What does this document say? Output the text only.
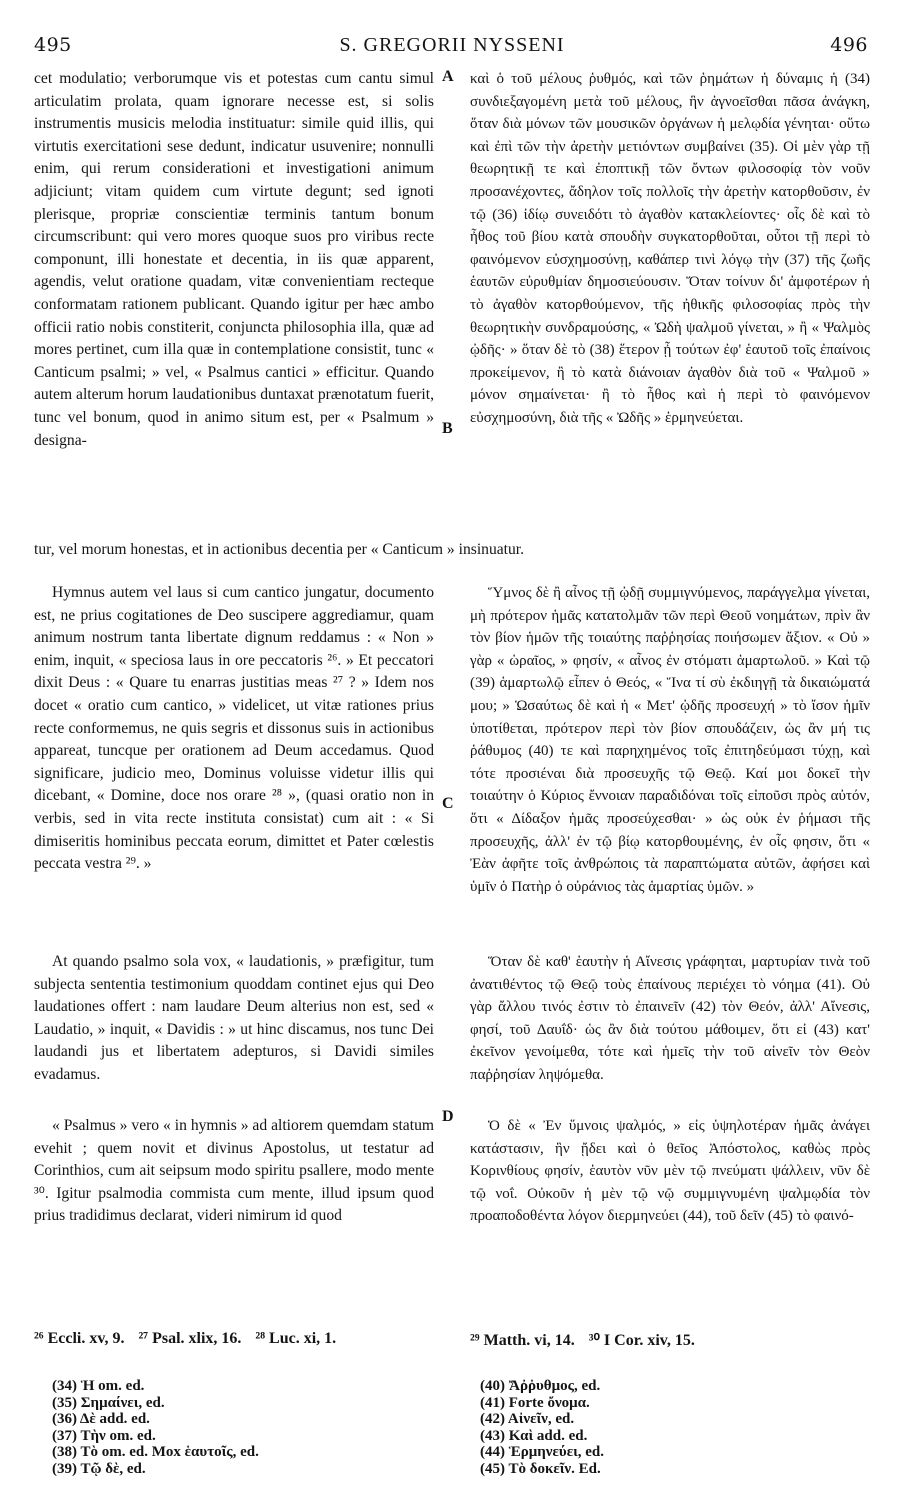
495	S. GREGORII NYSSENI	496

cet modulatio; verborumque vis et potestas cum cantu simul articulatim prolata, quam ignorare necesse est, si solis instrumentis musicis melodia instituatur: simile quid illis, qui virtutis exercitationi sese dedunt, indicatur usuvenire; nonnulli enim, qui rerum considerationi et investigationi animum adjiciunt; vitam quidem cum virtute degunt; sed ignoti plerisque, propriæ conscientiæ terminis tantum bonum circumscribunt: qui vero mores quoque suos pro viribus recte componunt, illi honestate et decentia, in iis quæ apparent, agendis, velut oratione quadam, vitæ convenientiam recteque conformatam rationem publicant. Quando igitur per hæc ambo officii ratio nobis constiterit, conjuncta philosophia illa, quæ ad mores pertinet, cum illa quæ in contemplatione consistit, tunc « Canticum psalmi; » vel, « Psalmus cantici » efficitur. Quando autem alterum horum laudationibus duntaxat prænotatum fuerit, tunc vel bonum, quod in animo situm est, per « Psalmum » designa-

A καὶ ὁ τοῦ μέλους ῥυθμός, καὶ τῶν ῥημάτων ἡ δύναμις ἡ (34) συνδιεξαγομένη μετὰ τοῦ μέλους, ἣν ἀγνοεῖσθαι πᾶσα ἀνάγκη, ὅταν διὰ μόνων τῶν μουσικῶν ὀργάνων ἡ μελῳδία γένηται· οὕτω καὶ ἐπὶ τῶν τὴν ἀρετὴν μετιόντων συμβαίνει (35). Οἱ μὲν γὰρ τῇ θεωρητικῇ τε καὶ ἐποπτικῇ τῶν ὄντων φιλοσοφίᾳ τὸν νοῦν προσανέχοντες, ἄδηλον τοῖς πολλοῖς τὴν ἀρετὴν κατορθοῦσιν, ἐν τῷ (36) ἰδίῳ συνειδότι τὸ ἀγαθὸν κατακλείοντες· οἷς δὲ καὶ τὸ ἦθος τοῦ βίου κατὰ σπουδὴν συγκατορθοῦται, οὗτοι τῇ περὶ τὸ φαινόμενον εὐσχημοσύνῃ, καθάπερ τινὶ λόγῳ τὴν (37) τῆς ζωῆς ἑαυτῶν εὐρυθμίαν δημοσιεύουσιν. Ὅταν τοίνυν δι' ἀμφοτέρων ἡ τὸ ἀγαθὸν κατορθούμενον, τῆς ἠθικῆς φιλοσοφίας πρὸς τὴν θεωρητικὴν συνδραμούσης, « Ὠδὴ ψαλμοῦ γίνεται, » ἢ « Ψαλμὸς ᾠδῆς· » ὅταν δὲ τὸ (38) ἕτερον ᾖ τούτων ἐφ' ἑαυτοῦ τοῖς ἐπαίνοις προκείμενον, ἢ τὸ κατὰ διάνοιαν ἀγαθὸν διὰ τοῦ « Ψαλμοῦ » μόνον σημαίνεται· ἢ τὸ ἦθος καὶ ἡ περὶ τὸ φαινόμενον εὐσχημοσύνη, διὰ τῆς « Ὠδῆς » ἑρμηνεύεται.

B
tur, vel morum honestas, et in actionibus decentia per « Canticum » insinuatur.

Hymnus autem vel laus si cum cantico jungatur, documento est, ne prius cogitationes de Deo suscipere aggrediamur, quam animum nostrum tanta libertate dignum reddamus : « Non » enim, inquit, « speciosa laus in ore peccatoris ²⁶. » Et peccatori dixit Deus : « Quare tu enarras justitias meas ²⁷ ? » Idem nos docet « oratio cum cantico, » videlicet, ut vitæ rationes prius recte conformemus, ne quis segris et dissonus suis in actionibus appareat, tuncque per orationem ad Deum accedamus. Quod significare, judicio meo, Dominus voluisse videtur illis qui dicebant, « Domine, doce nos orare ²⁸ », (quasi oratio non in verbis, sed in vita recte instituta consistat) cum ait : « Si dimiseritis hominibus peccata eorum, dimittet et Pater cœlestis peccata vestra ²⁹. »

Ὕμνος δὲ ἢ αἶνος τῇ ᾠδῇ συμμιγνύμενος, παράγγελμα γίνεται, μὴ πρότερον ἡμᾶς κατατολμᾶν τῶν περὶ Θεοῦ νοημάτων, πρὶν ἂν τὸν βίον ἡμῶν τῆς τοιαύτης παῤῥησίας ποιήσωμεν ἄξιον. « Οὐ » γὰρ « ὡραῖος, » φησίν, « αἶνος ἐν στόματι ἁμαρτωλοῦ. » Καὶ τῷ (39) ἁμαρτωλῷ εἶπεν ὁ Θεός, « Ἵνα τί σὺ ἐκδιηγῇ τὰ δικαιώματά μου; » Ὡσαύτως δὲ καὶ ἡ « Μετ' ᾠδῆς προσευχή » τὸ ἴσον ἡμῖν ὑποτίθεται, πρότερον περὶ τὸν βίον σπουδάζειν, ὡς ἂν μή τις ῥάθυμος (40) τε καὶ παρηχημένος τοῖς ἐπιτηδεύμασι τύχῃ, καὶ τότε προσιέναι διὰ προσευχῆς τῷ Θεῷ. Καί μοι δοκεῖ τὴν τοιαύτην ὁ Κύριος ἔννοιαν παραδιδόναι τοῖς εἰποῦσι πρὸς αὐτόν, ὅτι « Δίδαξον ἡμᾶς προσεύχεσθαι· » ὡς οὐκ ἐν ῥήμασι τῆς προσευχῆς, ἀλλ' ἐν τῷ βίῳ κατορθουμένης, ἐν οἷς φησιν, ὅτι « Ἐὰν ἀφῆτε τοῖς ἀνθρώποις τὰ παραπτώματα αὐτῶν, ἀφήσει καὶ ὑμῖν ὁ Πατὴρ ὁ οὐράνιος τὰς ἁμαρτίας ὑμῶν. »

C

At quando psalmo sola vox, « laudationis, » præfigitur, tum subjecta sententia testimonium quoddam continet ejus qui Deo laudationes offert : nam laudare Deum alterius non est, sed « Laudatio, » inquit, « Davidis : » ut hinc discamus, nos tunc Dei laudandi jus et libertatem adepturos, si Davidi similes evadamus.

Ὅταν δὲ καθ' ἑαυτὴν ἡ Αἴνεσις γράφηται, μαρτυρίαν τινὰ τοῦ ἀνατιθέντος τῷ Θεῷ τοὺς ἐπαίνους περιέχει τὸ νόημα (41). Οὐ γὰρ ἄλλου τινός ἐστιν τὸ ἐπαινεῖν (42) τὸν Θεόν, ἀλλ' Αἴνεσις, φησί, τοῦ Δαυΐδ· ὡς ἂν διὰ τούτου μάθοιμεν, ὅτι εἰ (43) κατ' ἐκεῖνον γενοίμεθα, τότε καὶ ἡμεῖς τὴν τοῦ αἰνεῖν τὸν Θεὸν παῤῥησίαν ληψόμεθα.

D

« Psalmus » vero « in hymnis » ad altiorem quemdam statum evehit ; quem novit et divinus Apostolus, ut testatur ad Corinthios, cum ait seipsum modo spiritu psallere, modo mente ³⁰. Igitur psalmodia commista cum mente, illud ipsum quod prius tradidimus declarat, videri nimirum id quod

Ὁ δὲ « Ἐν ὕμνοις ψαλμός, » εἰς ὑψηλοτέραν ἡμᾶς ἀνάγει κατάστασιν, ἣν ᾔδει καὶ ὁ θεῖος Ἀπόστολος, καθὼς πρὸς Κορινθίους φησίν, ἑαυτὸν νῦν μὲν τῷ πνεύματι ψάλλειν, νῦν δὲ τῷ νοΐ. Οὐκοῦν ἡ μὲν τῷ νῷ συμμιγνυμένη ψαλμῳδία τὸν προαποδοθέντα λόγον διερμηνεύει (44), τοῦ δεῖν (45) τὸ φαινό-

²⁶ Eccli. xv, 9. ²⁷ Psal. xlix, 16. ²⁸ Luc. xi, 1.	²⁹ Matth. vi, 14. ³⁰ I Cor. xiv, 15.
(34) Ἡ om. ed.
(35) Σημαίνει, ed.
(36) Δὲ add. ed.
(37) Τὴν om. ed.
(38) Τὸ om. ed. Mox ἑαυτοῖς, ed.
(39) Τῷ δὲ, ed.
(40) Ἄῤῥυθμος, ed.
(41) Forte ὄνομα.
(42) Αἰνεῖν, ed.
(43) Καὶ add. ed.
(44) Ἑρμηνεύει, ed.
(45) Τὸ δοκεῖν. Ed.
